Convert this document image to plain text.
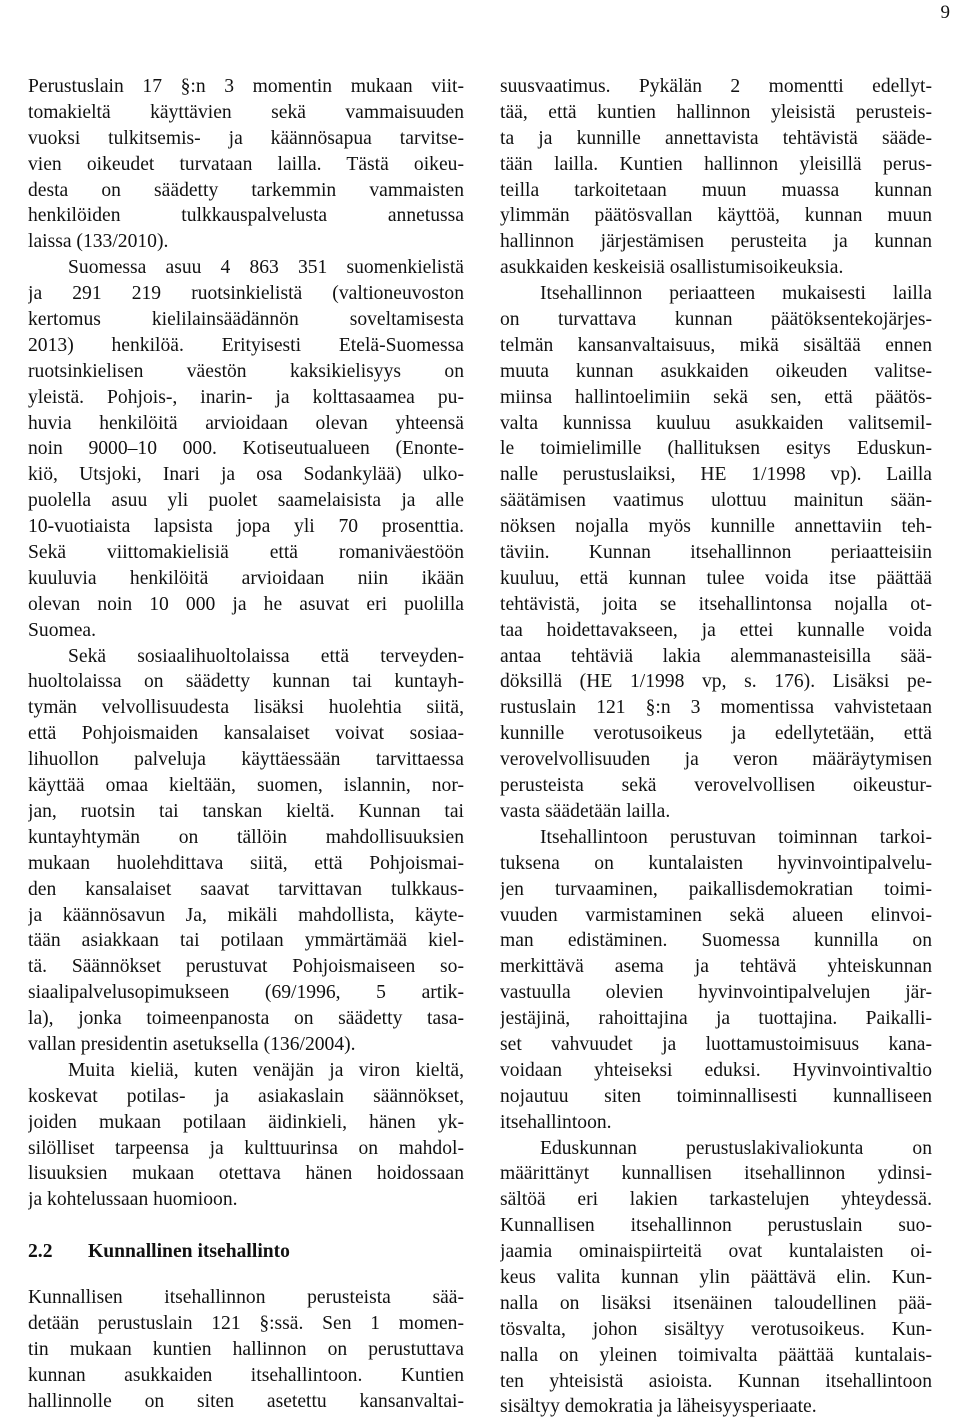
9
Perustuslain 17 §:n 3 momentin mukaan viit-
tomakieltä käyttävien sekä vammaisuuden
vuoksi tulkitsemis- ja käännösapua tarvitse-
vien oikeudet turvataan lailla. Tästä oikeu-
desta on säädetty tarkemmin vammaisten
henkilöiden tulkkauspalvelusta annetussa
laissa (133/2010).
Suomessa asuu 4 863 351 suomenkielistä
ja 291 219 ruotsinkielistä (valtioneuvoston
kertomus kielilainsäädännön soveltamisesta
2013) henkilöä. Erityisesti Etelä-Suomessa
ruotsinkielisen väestön kaksikielisyys on
yleistä. Pohjois-, inarin- ja kolttasaamea pu-
huvia henkilöitä arvioidaan olevan yhteensä
noin 9000–10 000. Kotiseutualueen (Enonte-
kiö, Utsjoki, Inari ja osa Sodankylää) ulko-
puolella asuu yli puolet saamelaisista ja alle
10-vuotiaista lapsista jopa yli 70 prosenttia.
Sekä viittomakielisiä että romaniväestöön
kuuluvia henkilöitä arvioidaan niin ikään
olevan noin 10 000 ja he asuvat eri puolilla
Suomea.
Sekä sosiaalihuoltolaissa että terveyden-
huoltolaissa on säädetty kunnan tai kuntayh-
tymän velvollisuudesta lisäksi huolehtia siitä,
että Pohjoismaiden kansalaiset voivat sosiaa-
lihuollon palveluja käyttäessään tarvittaessa
käyttää omaa kieltään, suomen, islannin, nor-
jan, ruotsin tai tanskan kieltä. Kunnan tai
kuntayhtymän on tällöin mahdollisuuksien
mukaan huolehdittava siitä, että Pohjoismai-
den kansalaiset saavat tarvittavan tulkkaus-
ja käännösavun Ja, mikäli mahdollista, käyte-
tään asiakkaan tai potilaan ymmärtämää kiel-
tä. Säännökset perustuvat Pohjoismaiseen so-
siaalipalvelusopimukseen (69/1996, 5 artik-
la), jonka toimeenpanosta on säädetty tasa-
vallan presidentin asetuksella (136/2004).
Muita kieliä, kuten venäjän ja viron kieltä,
koskevat potilas- ja asiakaslain säännökset,
joiden mukaan potilaan äidinkieli, hänen yk-
silölliset tarpeensa ja kulttuurinsa on mahdol-
lisuuksien mukaan otettava hänen hoidossaan
ja kohtelussaan huomioon.
2.2 Kunnallinen itsehallinto
Kunnallisen itsehallinnon perusteista sää-
detään perustuslain 121 §:ssä. Sen 1 momen-
tin mukaan kuntien hallinnon on perustuttava
kunnan asukkaiden itsehallintoon. Kuntien
hallinnolle on siten asetettu kansanvaltai-
suusvaatimus. Pykälän 2 momentti edellyt-
tää, että kuntien hallinnon yleisistä perusteis-
ta ja kunnille annettavista tehtävistä sääde-
tään lailla. Kuntien hallinnon yleisillä perus-
teilla tarkoitetaan muun muassa kunnan
ylimmän päätösvallan käyttöä, kunnan muun
hallinnon järjestämisen perusteita ja kunnan
asukkaiden keskeisiä osallistumisoikeuksia.
Itsehallinnon periaatteen mukaisesti lailla
on turvattava kunnan päätöksentekojärjes-
telmän kansanvaltaisuus, mikä sisältää ennen
muuta kunnan asukkaiden oikeuden valitse-
miinsa hallintoelimiin sekä sen, että päätös-
valta kunnissa kuuluu asukkaiden valitsemil-
le toimielimille (hallituksen esitys Eduskun-
nalle perustuslaiksi, HE 1/1998 vp). Lailla
säätämisen vaatimus ulottuu mainitun sään-
nöksen nojalla myös kunnille annettaviin teh-
täviin. Kunnan itsehallinnon periaatteisiin
kuuluu, että kunnan tulee voida itse päättää
tehtävistä, joita se itsehallintonsa nojalla ot-
taa hoidettavakseen, ja ettei kunnalle voida
antaa tehtäviä lakia alemmanasteisilla sää-
döksillä (HE 1/1998 vp, s. 176). Lisäksi pe-
rustuslain 121 §:n 3 momentissa vahvistetaan
kunnille verotusoikeus ja edellytetään, että
verovelvollisuuden ja veron määräytymisen
perusteista sekä verovelvollisen oikeustur-
vasta säädetään lailla.
Itsehallintoon perustuvan toiminnan tarkoi-
tuksena on kuntalaisten hyvinvointipalvelu-
jen turvaaminen, paikallisdemokratian toimi-
vuuden varmistaminen sekä alueen elinvoi-
man edistäminen. Suomessa kunnilla on
merkittävä asema ja tehtävä yhteiskunnan
vastuulla olevien hyvinvointipalvelujen jär-
jestäjinä, rahoittajina ja tuottajina. Paikalli-
set vahvuudet ja luottamustoimisuus kana-
voidaan yhteiseksi eduksi. Hyvinvointivaltio
nojautuu siten toiminnallisesti kunnalliseen
itsehallintoon.
Eduskunnan perustuslakivaliokunta on
määrittänyt kunnallisen itsehallinnon ydinsi-
sältöä eri lakien tarkastelujen yhteydessä.
Kunnallisen itsehallinnon perustuslain suo-
jaamia ominaispiirteitä ovat kuntalaisten oi-
keus valita kunnan ylin päättävä elin. Kun-
nalla on lisäksi itsenäinen taloudellinen pää-
tösvalta, johon sisältyy verotusoikeus. Kun-
nalla on yleinen toimivalta päättää kuntalais-
ten yhteisistä asioista. Kunnan itsehallintoon
sisältyy demokratia ja läheisyysperiaate.
